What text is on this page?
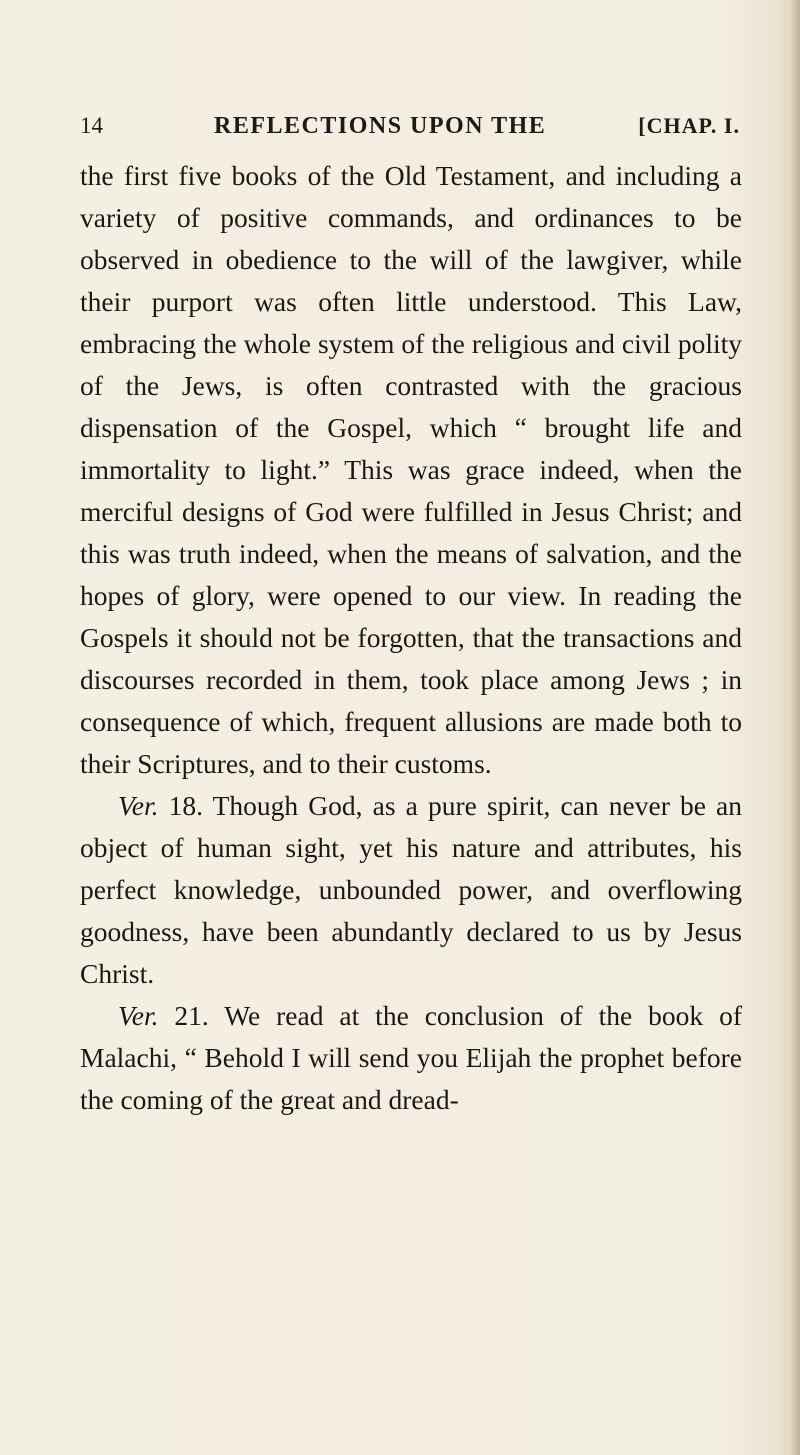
14	REFLECTIONS UPON THE	[CHAP. I.

the first five books of the Old Testament, and including a variety of positive commands, and ordinances to be observed in obedience to the will of the lawgiver, while their purport was often little understood. This Law, embracing the whole system of the religious and civil polity of the Jews, is often contrasted with the gracious dispensation of the Gospel, which “ brought life and immortality to light.” This was grace indeed, when the merciful designs of God were fulfilled in Jesus Christ; and this was truth indeed, when the means of salvation, and the hopes of glory, were opened to our view. In reading the Gospels it should not be forgotten, that the transactions and discourses recorded in them, took place among Jews ; in consequence of which, frequent allusions are made both to their Scriptures, and to their customs.

Ver. 18. Though God, as a pure spirit, can never be an object of human sight, yet his nature and attributes, his perfect knowledge, unbounded power, and overflowing goodness, have been abundantly declared to us by Jesus Christ.

Ver. 21. We read at the conclusion of the book of Malachi, “ Behold I will send you Elijah the prophet before the coming of the great and dread-
